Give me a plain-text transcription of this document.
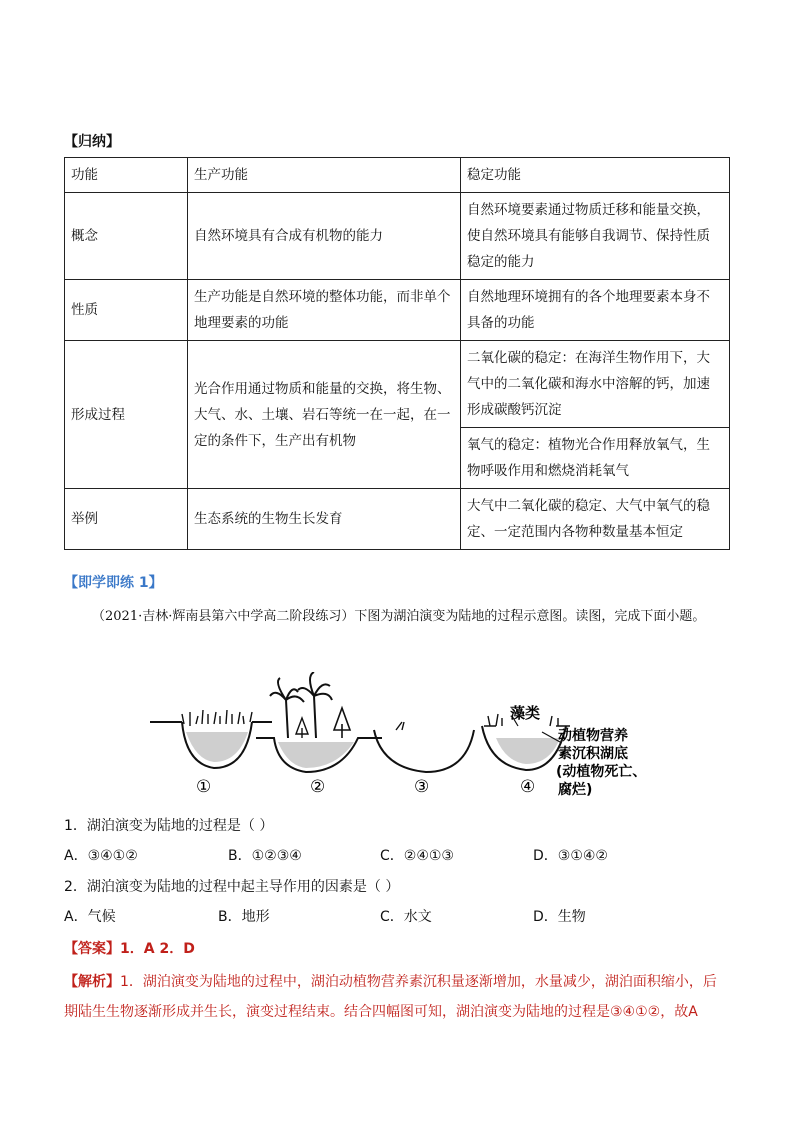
【归纳】
功能	生产功能	稳定功能
概念	自然环境具有合成有机物的能力	自然环境要素通过物质迁移和能量交换，使自然环境具有能够自我调节、保持性质稳定的能力
性质	生产功能是自然环境的整体功能，而非单个地理要素的功能	自然地理环境拥有的各个地理要素本身不具备的功能
形成过程	光合作用通过物质和能量的交换，将生物、大气、水、土壤、岩石等统一在一起，在一定的条件下，生产出有机物	二氧化碳的稳定：在海洋生物作用下，大气中的二氧化碳和海水中溶解的钙，加速形成碳酸钙沉淀
		氧气的稳定：植物光合作用释放氧气，生物呼吸作用和燃烧消耗氧气
举例	生态系统的生物生长发育	大气中二氧化碳的稳定、大气中氧气的稳定、一定范围内各物种数量基本恒定
【即学即练 1】
（2021·吉林·辉南县第六中学高二阶段练习）下图为湖泊演变为陆地的过程示意图。读图，完成下面小题。
藻类
动植物营养
素沉积湖底
(动植物死亡、
腐烂)
①	②	③	④
1．湖泊演变为陆地的过程是（ ）
A．③④①②	B．①②③④	C．②④①③	D．③①④②
2．湖泊演变为陆地的过程中起主导作用的因素是（ ）
A．气候	B．地形	C．水文	D．生物
【答案】1．A 2．D
【解析】1．湖泊演变为陆地的过程中，湖泊动植物营养素沉积量逐渐增加，水量减少，湖泊面积缩小，后期陆生生物逐渐形成并生长，演变过程结束。结合四幅图可知，湖泊演变为陆地的过程是③④①②，故A
